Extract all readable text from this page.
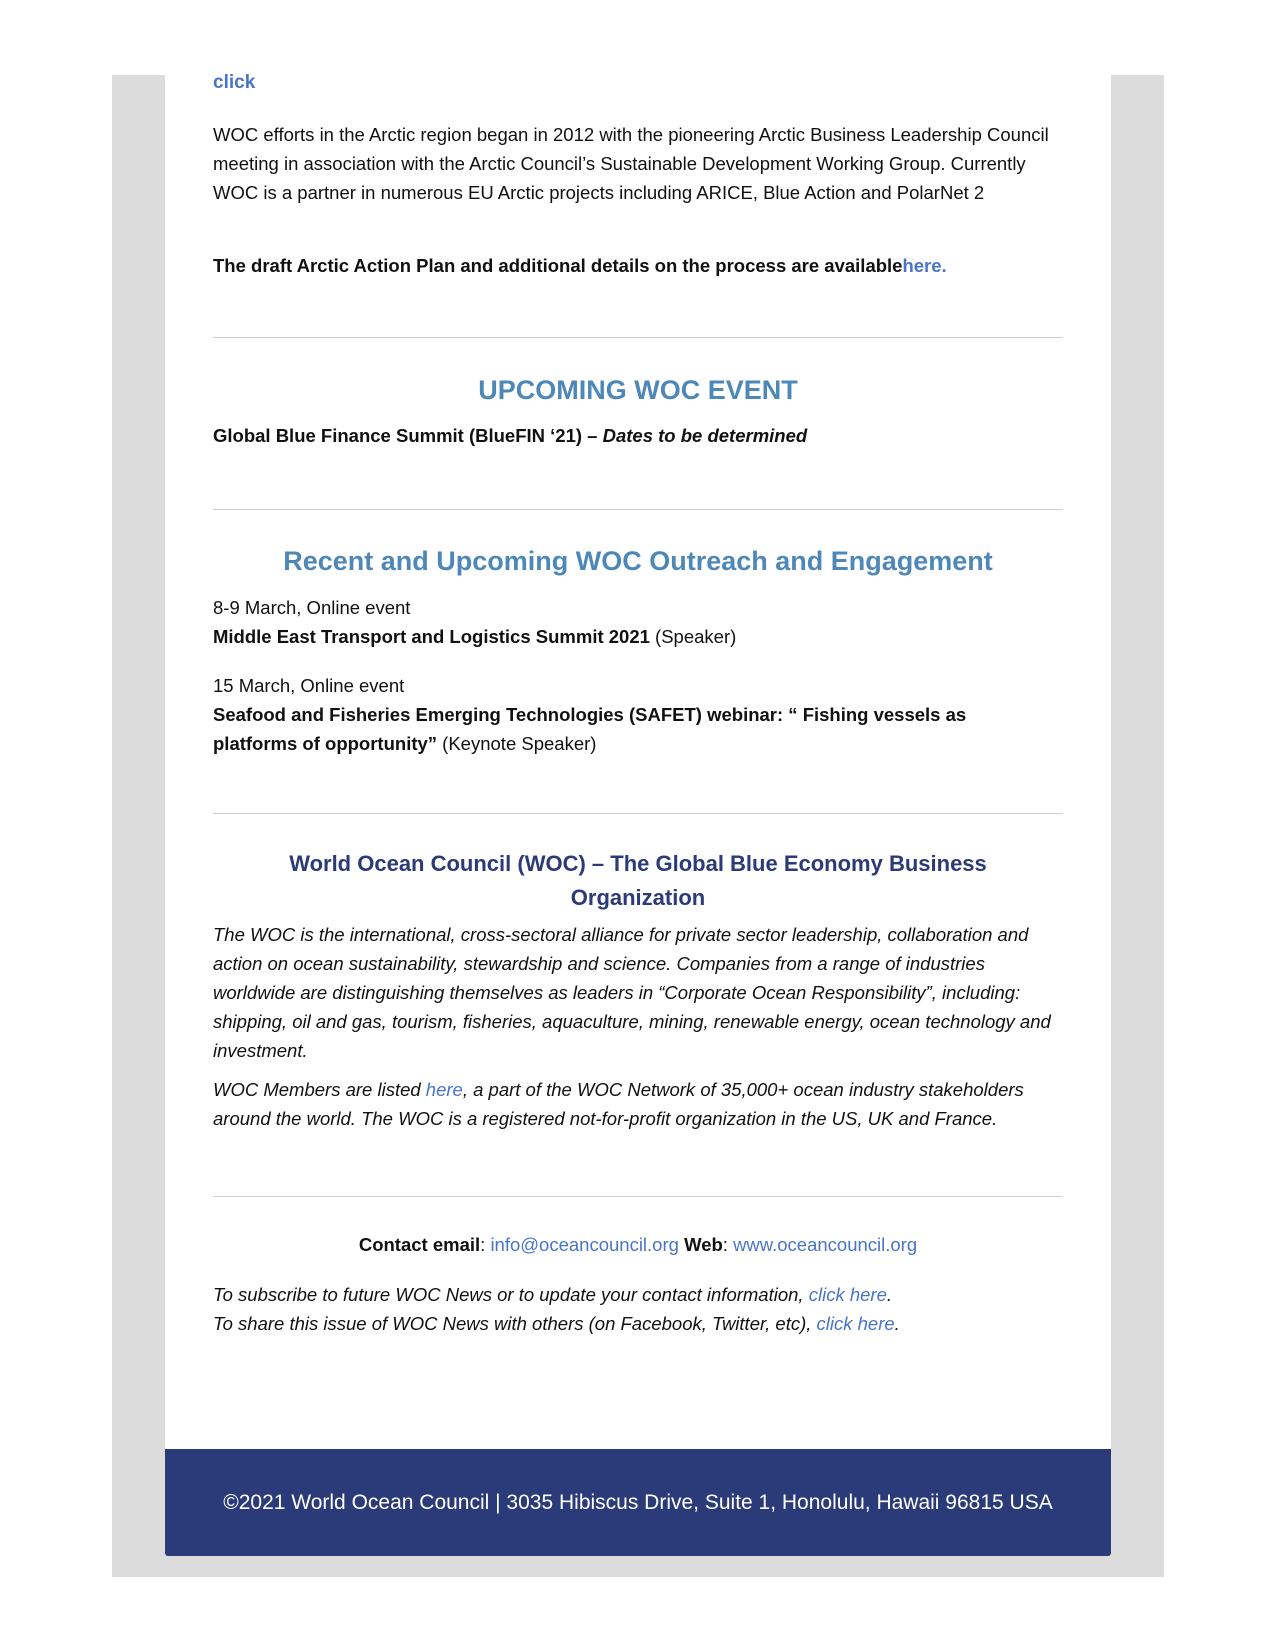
click

WOC efforts in the Arctic region began in 2012 with the pioneering Arctic Business Leadership Council meeting in association with the Arctic Council’s Sustainable Development Working Group. Currently WOC is a partner in numerous EU Arctic projects including ARICE, Blue Action and PolarNet 2

The draft Arctic Action Plan and additional details on the process are availablehere.

UPCOMING WOC EVENT

Global Blue Finance Summit (BlueFIN ‘21) – Dates to be determined

Recent and Upcoming WOC Outreach and Engagement

8-9 March, Online event

Middle East Transport and Logistics Summit 2021 (Speaker)

15 March, Online event

Seafood and Fisheries Emerging Technologies (SAFET) webinar: “ Fishing vessels as platforms of opportunity” (Keynote Speaker)

World Ocean Council (WOC) – The Global Blue Economy Business Organization

The WOC is the international, cross-sectoral alliance for private sector leadership, collaboration and action on ocean sustainability, stewardship and science. Companies from a range of industries worldwide are distinguishing themselves as leaders in “Corporate Ocean Responsibility”, including: shipping, oil and gas, tourism, fisheries, aquaculture, mining, renewable energy, ocean technology and investment.

WOC Members are listed here, a part of the WOC Network of 35,000+ ocean industry stakeholders around the world. The WOC is a registered not-for-profit organization in the US, UK and France.

Contact email: info@oceancouncil.org Web: www.oceancouncil.org

To subscribe to future WOC News or to update your contact information, click here.

To share this issue of WOC News with others (on Facebook, Twitter, etc), click here.

©2021 World Ocean Council | 3035 Hibiscus Drive, Suite 1, Honolulu, Hawaii 96815 USA
